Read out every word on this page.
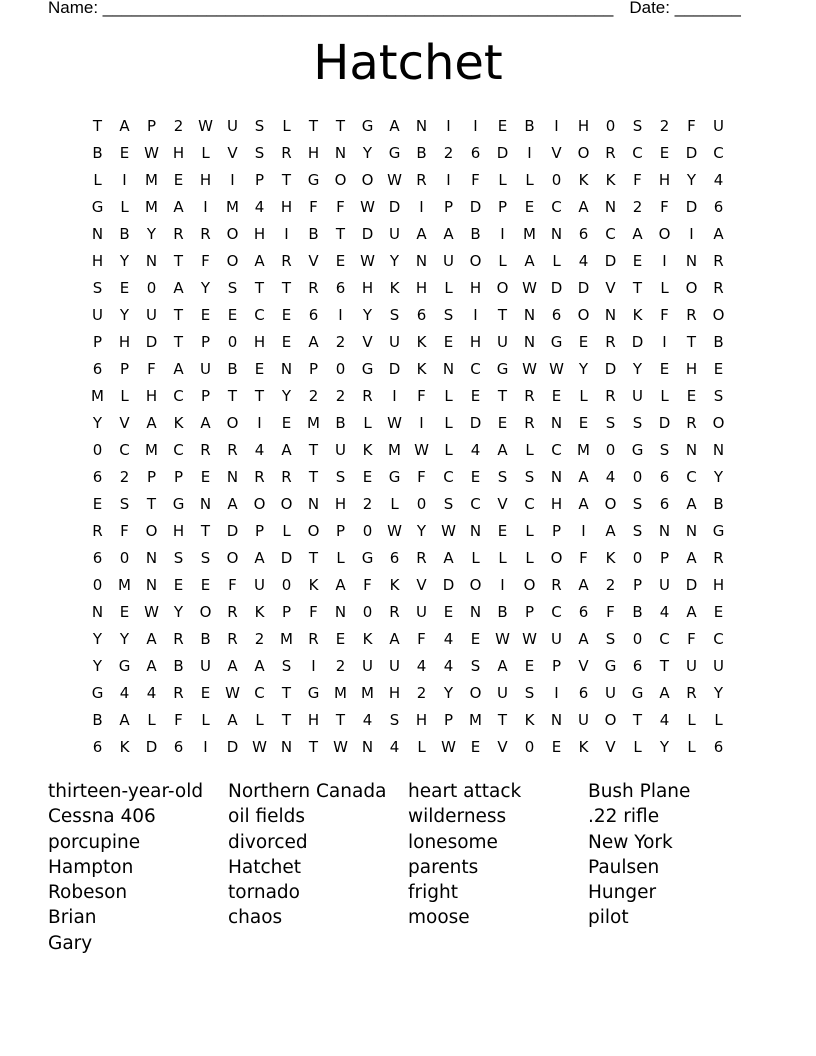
Name: ______________________________________________________ Date: _______
Hatchet
T	A	P	2 W U	S	L	T	T	G	A	N	I	I	E	B	I	H	0	S	2	F	U
B	E W H	L	V	S	R	H	N	Y	G	B	2	6	D	I	V	O	R	C	E	D	C
L	I	M	E	H	I	P	T	G	O	O W R	I	F	L	L	0	K	K	F	H	Y	4
G	L	M	A	I	M	4	H	F	F	W D	I	P	D	P	E	C	A	N	2	F	D	6
N	B	Y	R	R	O	H	I	B	T	D	U	A	A	B	I	M N	6	C	A	O	I	A
H	Y	N	T	F	O	A	R	V	E W Y	N	U	O	L	A	L	4	D	E	I	N	R
S	E	0	A	Y	S	T	T	R	6	H	K	H	L	H	O W D	D	V	T	L	O	R
U	Y	U	T	E	E	C	E	6	I	Y	S	6	S	I	T	N	6	O	N	K	F	R	O
P	H	D	T	P	0	H	E	A	2	V	U	K	E	H	U	N	G	E	R	D	I	T	B
6	P	F	A	U	B	E	N	P	0	G	D	K	N	C	G W W Y	D	Y	E	H	E
M	L	H	C	P	T	T	Y	2	2	R	I	F	L	E	T	R	E	L	R	U	L	E	S
Y	V	A	K	A	O	I	E	M	B	L	W	I	L	D	E	R	N	E	S	S	D	R	O
0	C	M	C	R	R	4	A	T	U	K	M W	L	4	A	L	C	M	0	G	S	N	N
6	2	P	P	E	N	R	R	T	S	E	G	F	C	E	S	S	N	A	4	0	6	C	Y
E	S	T	G	N	A	O	O	N	H	2	L	0	S	C	V	C	H	A	O	S	6	A	B
R	F	O	H	T	D	P	L	O	P	0 W Y	W N	E	L	P	I	A	S	N	N	G
6	0	N	S	S	O	A	D	T	L	G	6	R	A	L	L	L	O	F	K	0	P	A	R
0	M N	E	E	F	U	0	K	A	F	K	V	D	O	I	O	R	A	2	P	U	D	H
N	E W Y	O	R	K	P	F	N	0	R	U	E	N	B	P	C	6	F	B	4	A	E
Y	Y	A	R	B	R	2	M	R	E	K	A	F	4	E W W U	A	S	0	C	F	C
Y	G	A	B	U	A	A	S	I	2	U	U	4	4	S	A	E	P	V	G	6	T	U	U
G	4	4	R	E W C	T	G M M H	2	Y	O	U	S	I	6	U	G	A	R	Y
B	A	L	F	L	A	L	T	H	T	4	S	H	P	M	T	K	N	U	O	T	4	L	L
6	K	D	6	I	D W N	T	W N	4	L	W E	V	0	E	K	V	L	Y	L	6
thirteen-year-old	Northern Canada	heart attack	Bush Plane
Cessna 406	oil fields	wilderness	.22 rifle
porcupine	divorced	lonesome	New York
Hampton	Hatchet	parents	Paulsen
Robeson	tornado	fright	Hunger
Brian	chaos	moose	pilot
Gary
